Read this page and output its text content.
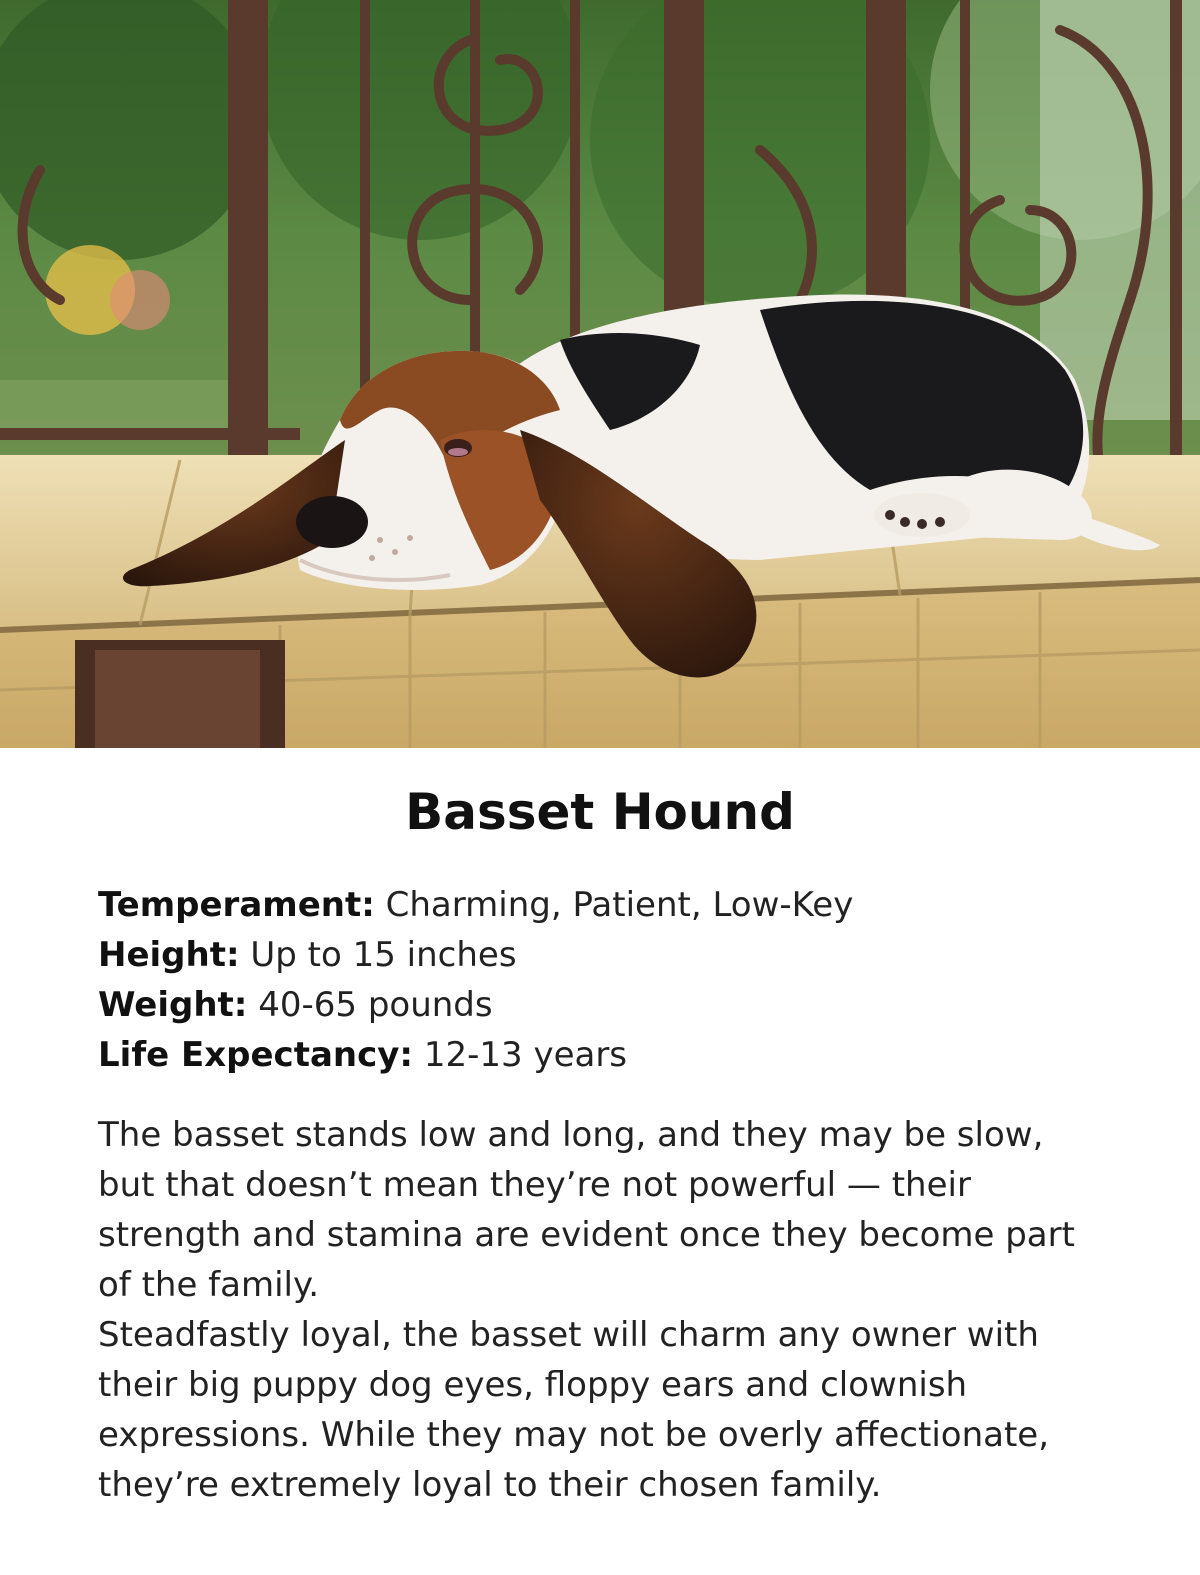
Basset Hound
Temperament: Charming, Patient, Low-Key
Height: Up to 15 inches
Weight: 40-65 pounds
Life Expectancy: 12-13 years

The basset stands low and long, and they may be slow, but that doesn’t mean they’re not powerful — their strength and stamina are evident once they become part of the family.

Steadfastly loyal, the basset will charm any owner with their big puppy dog eyes, floppy ears and clownish expressions. While they may not be overly affectionate, they’re extremely loyal to their chosen family.
